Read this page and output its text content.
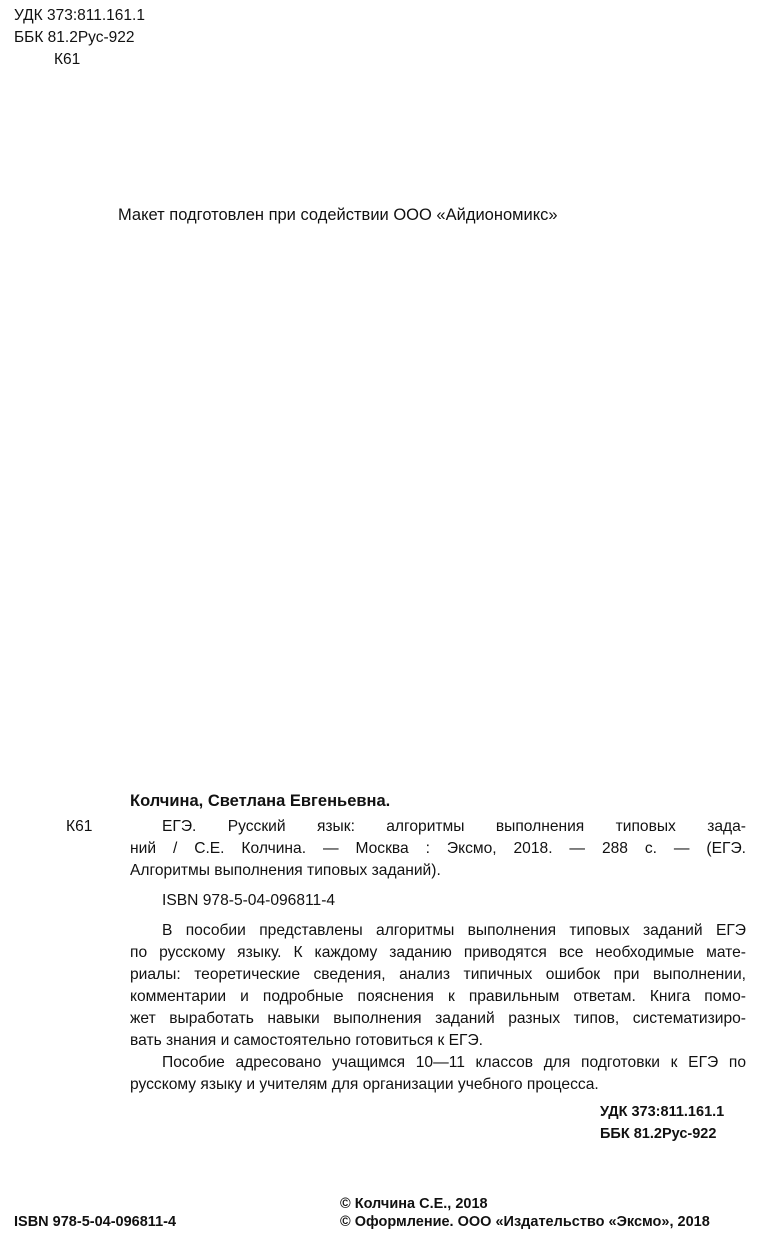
УДК 373:811.161.1
ББК 81.2Рус-922
К61
Макет подготовлен при содействии ООО «Айдиономикс»
Колчина, Светлана Евгеньевна.
К61	ЕГЭ. Русский язык: алгоритмы выполнения типовых зада-
ний / С.Е. Колчина. — Москва : Эксмо, 2018. — 288 с. — (ЕГЭ.
Алгоритмы выполнения типовых заданий).
ISBN 978-5-04-096811-4
В пособии представлены алгоритмы выполнения типовых заданий ЕГЭ
по русскому языку. К каждому заданию приводятся все необходимые мате-
риалы: теоретические сведения, анализ типичных ошибок при выполнении,
комментарии и подробные пояснения к правильным ответам. Книга помо-
жет выработать навыки выполнения заданий разных типов, систематизиро-
вать знания и самостоятельно готовиться к ЕГЭ.
Пособие адресовано учащимся 10—11 классов для подготовки к ЕГЭ по
русскому языку и учителям для организации учебного процесса.
УДК 373:811.161.1
ББК 81.2Рус-922
© Колчина С.Е., 2018
ISBN 978-5-04-096811-4	© Оформление. ООО «Издательство «Эксмо», 2018
